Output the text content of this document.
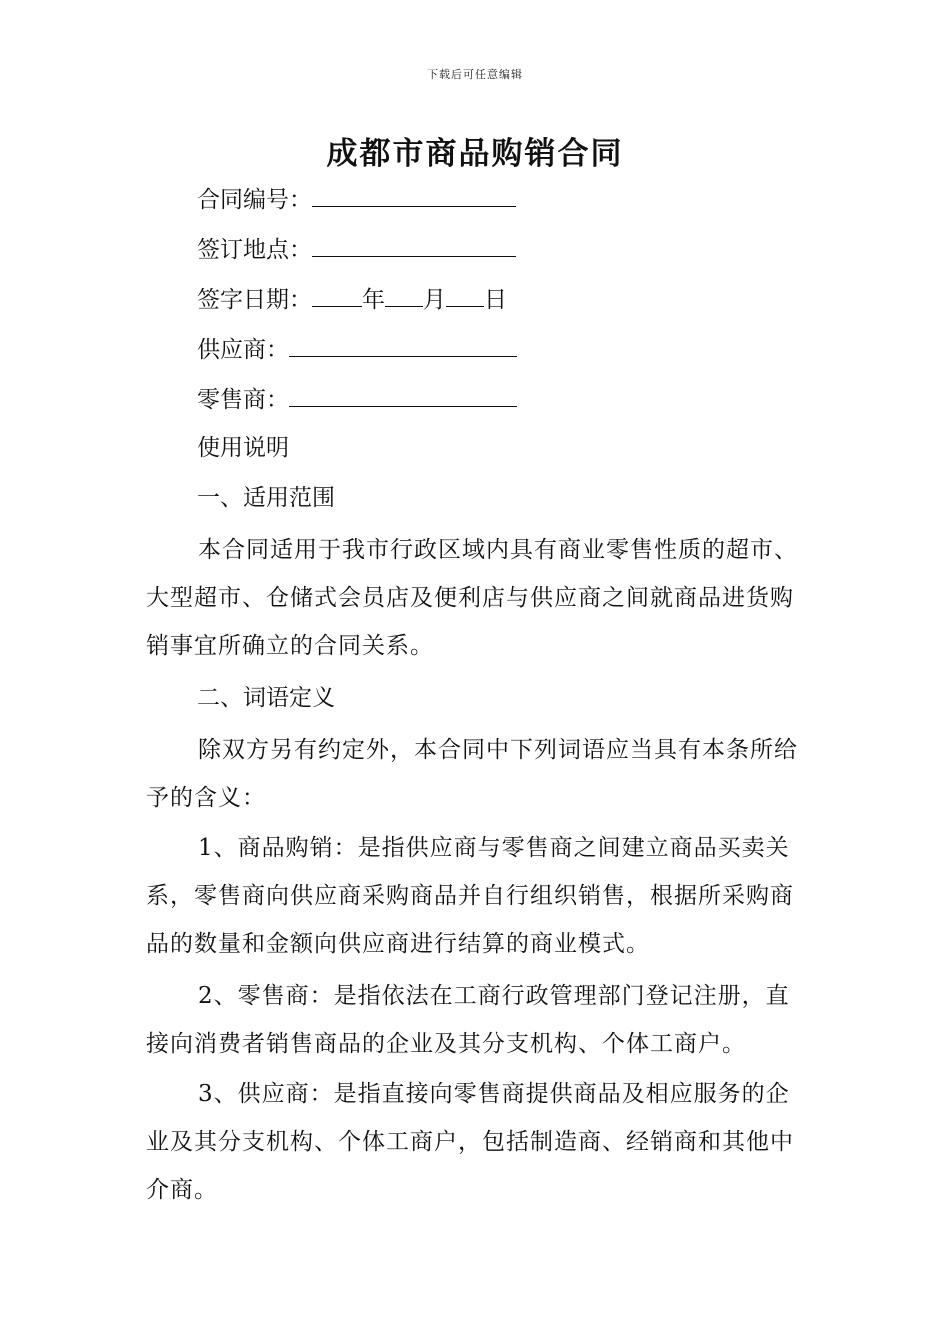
下载后可任意编辑
成都市商品购销合同
合同编号：
签订地点：
签字日期： 年 月 日
供应商：
零售商：
使用说明
一、适用范围

本合同适用于我市行政区域内具有商业零售性质的超市、大型超市、仓储式会员店及便利店与供应商之间就商品进货购销事宜所确立的合同关系。

二、词语定义

除双方另有约定外，本合同中下列词语应当具有本条所给予的含义：

1、商品购销：是指供应商与零售商之间建立商品买卖关系，零售商向供应商采购商品并自行组织销售，根据所采购商品的数量和金额向供应商进行结算的商业模式。

2、零售商：是指依法在工商行政管理部门登记注册，直接向消费者销售商品的企业及其分支机构、个体工商户。

3、供应商：是指直接向零售商提供商品及相应服务的企业及其分支机构、个体工商户，包括制造商、经销商和其他中介商。
